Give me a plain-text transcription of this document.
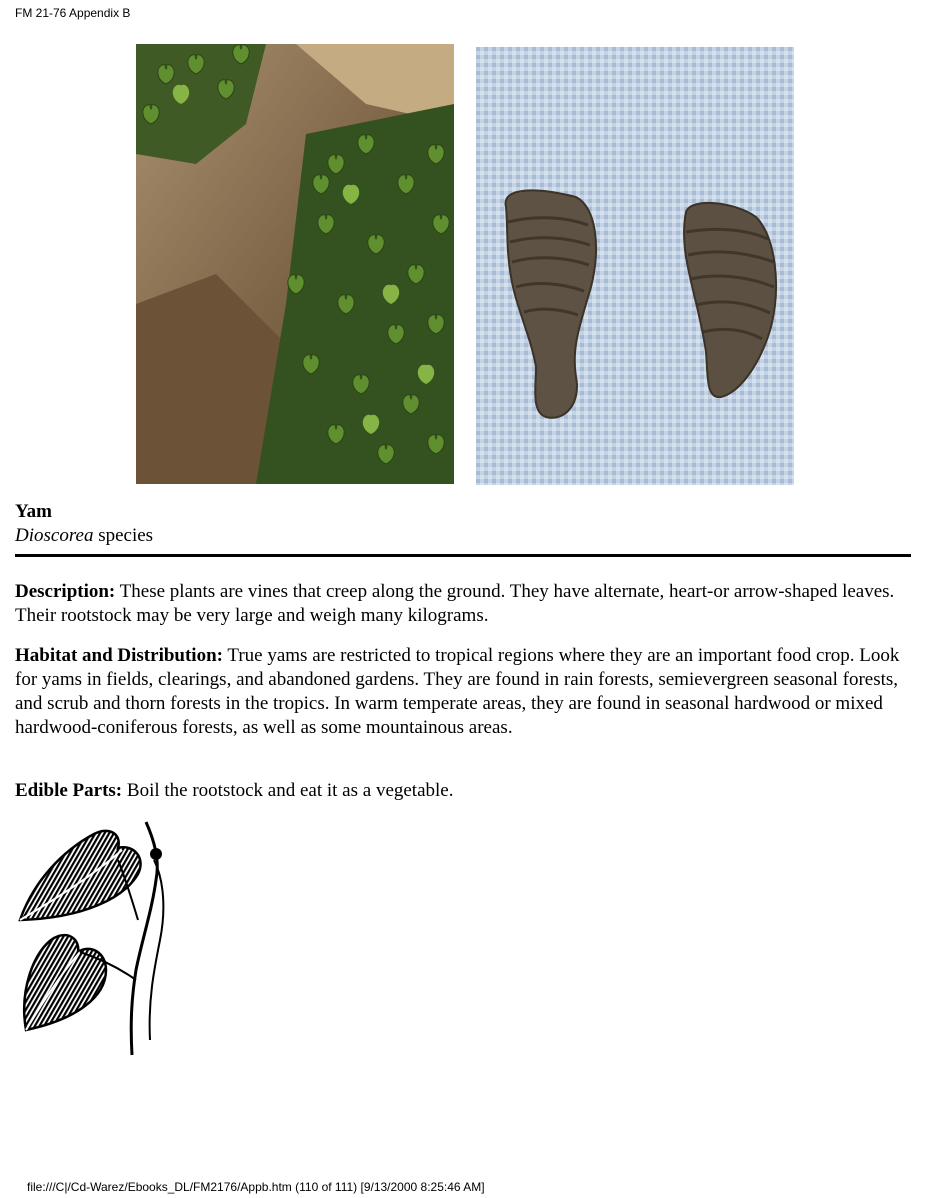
FM 21-76 Appendix B
Yam
Dioscorea species

Description: These plants are vines that creep along the ground. They have alternate, heart-or arrow-shaped leaves. Their rootstock may be very large and weigh many kilograms.

Habitat and Distribution: True yams are restricted to tropical regions where they are an important food crop. Look for yams in fields, clearings, and abandoned gardens. They are found in rain forests, semievergreen seasonal forests, and scrub and thorn forests in the tropics. In warm temperate areas, they are found in seasonal hardwood or mixed hardwood-coniferous forests, as well as some mountainous areas.

Edible Parts: Boil the rootstock and eat it as a vegetable.

file:///C|/Cd-Warez/Ebooks_DL/FM2176/Appb.htm (110 of 111) [9/13/2000 8:25:46 AM]
